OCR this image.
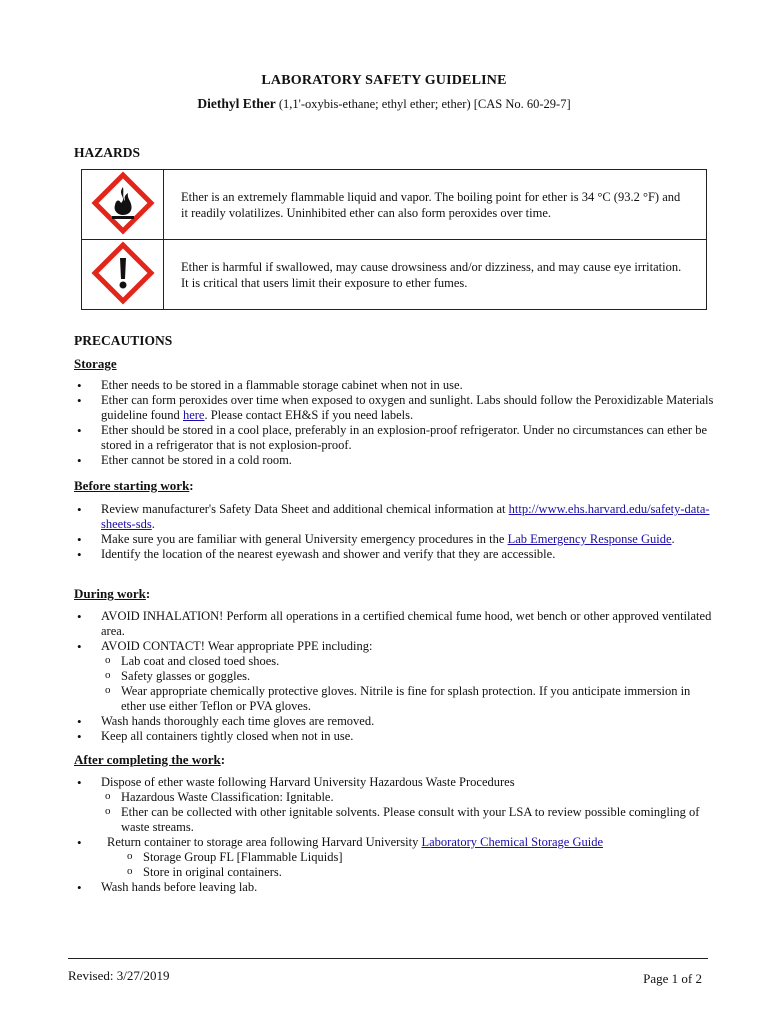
LABORATORY SAFETY GUIDELINE
Diethyl Ether (1,1'-oxybis-ethane; ethyl ether; ether) [CAS No. 60-29-7]
HAZARDS
	Ether is an extremely flammable liquid and vapor. The boiling point for ether is 34 °C (93.2 °F) and it readily volatilizes. Uninhibited ether can also form peroxides over time.
	Ether is harmful if swallowed, may cause drowsiness and/or dizziness, and may cause eye irritation. It is critical that users limit their exposure to ether fumes.
PRECAUTIONS
Storage
• Ether needs to be stored in a flammable storage cabinet when not in use.
• Ether can form peroxides over time when exposed to oxygen and sunlight. Labs should follow the Peroxidizable Materials guideline found here. Please contact EH&S if you need labels.
• Ether should be stored in a cool place, preferably in an explosion-proof refrigerator. Under no circumstances can ether be stored in a refrigerator that is not explosion-proof.
• Ether cannot be stored in a cold room.
Before starting work:
• Review manufacturer's Safety Data Sheet and additional chemical information at http://www.ehs.harvard.edu/safety-data-sheets-sds.
• Make sure you are familiar with general University emergency procedures in the Lab Emergency Response Guide.
• Identify the location of the nearest eyewash and shower and verify that they are accessible.
During work:
• AVOID INHALATION! Perform all operations in a certified chemical fume hood, wet bench or other approved ventilated area.
• AVOID CONTACT! Wear appropriate PPE including:
o Lab coat and closed toed shoes.
o Safety glasses or goggles.
o Wear appropriate chemically protective gloves. Nitrile is fine for splash protection. If you anticipate immersion in ether use either Teflon or PVA gloves.
• Wash hands thoroughly each time gloves are removed.
• Keep all containers tightly closed when not in use.
After completing the work:
• Dispose of ether waste following Harvard University Hazardous Waste Procedures
o Hazardous Waste Classification: Ignitable.
o Ether can be collected with other ignitable solvents. Please consult with your LSA to review possible comingling of waste streams.
• Return container to storage area following Harvard University Laboratory Chemical Storage Guide
o Storage Group FL [Flammable Liquids]
o Store in original containers.
• Wash hands before leaving lab.
Revised: 3/27/2019	Page 1 of 2
